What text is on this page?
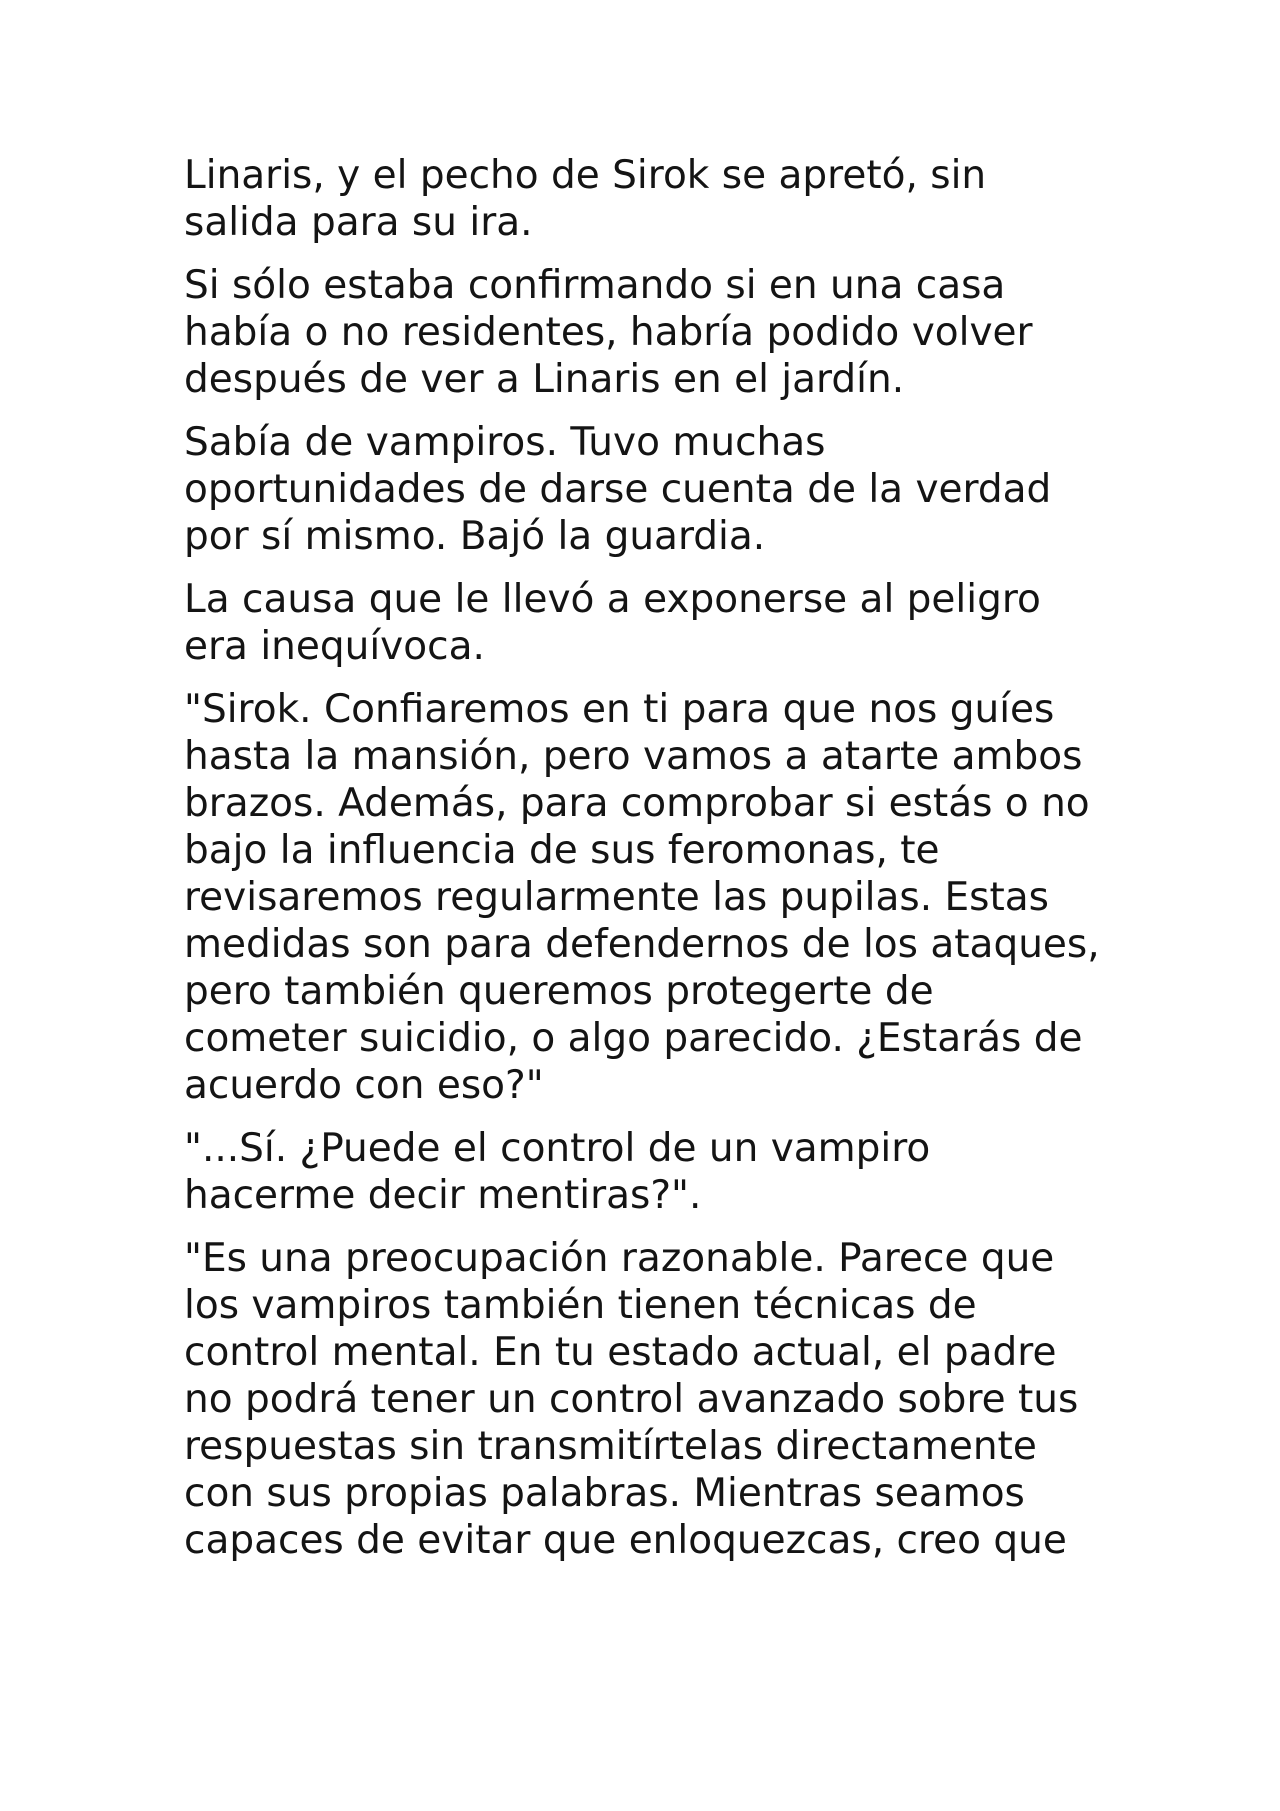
Linaris, y el pecho de Sirok se apretó, sin
salida para su ira.

Si sólo estaba confirmando si en una casa
había o no residentes, habría podido volver
después de ver a Linaris en el jardín.

Sabía de vampiros. Tuvo muchas
oportunidades de darse cuenta de la verdad
por sí mismo. Bajó la guardia.

La causa que le llevó a exponerse al peligro
era inequívoca.

"Sirok. Confiaremos en ti para que nos guíes
hasta la mansión, pero vamos a atarte ambos
brazos. Además, para comprobar si estás o no
bajo la influencia de sus feromonas, te
revisaremos regularmente las pupilas. Estas
medidas son para defendernos de los ataques,
pero también queremos protegerte de
cometer suicidio, o algo parecido. ¿Estarás de
acuerdo con eso?"

"...Sí. ¿Puede el control de un vampiro
hacerme decir mentiras?".

"Es una preocupación razonable. Parece que
los vampiros también tienen técnicas de
control mental. En tu estado actual, el padre
no podrá tener un control avanzado sobre tus
respuestas sin transmitírtelas directamente
con sus propias palabras. Mientras seamos
capaces de evitar que enloquezcas, creo que
